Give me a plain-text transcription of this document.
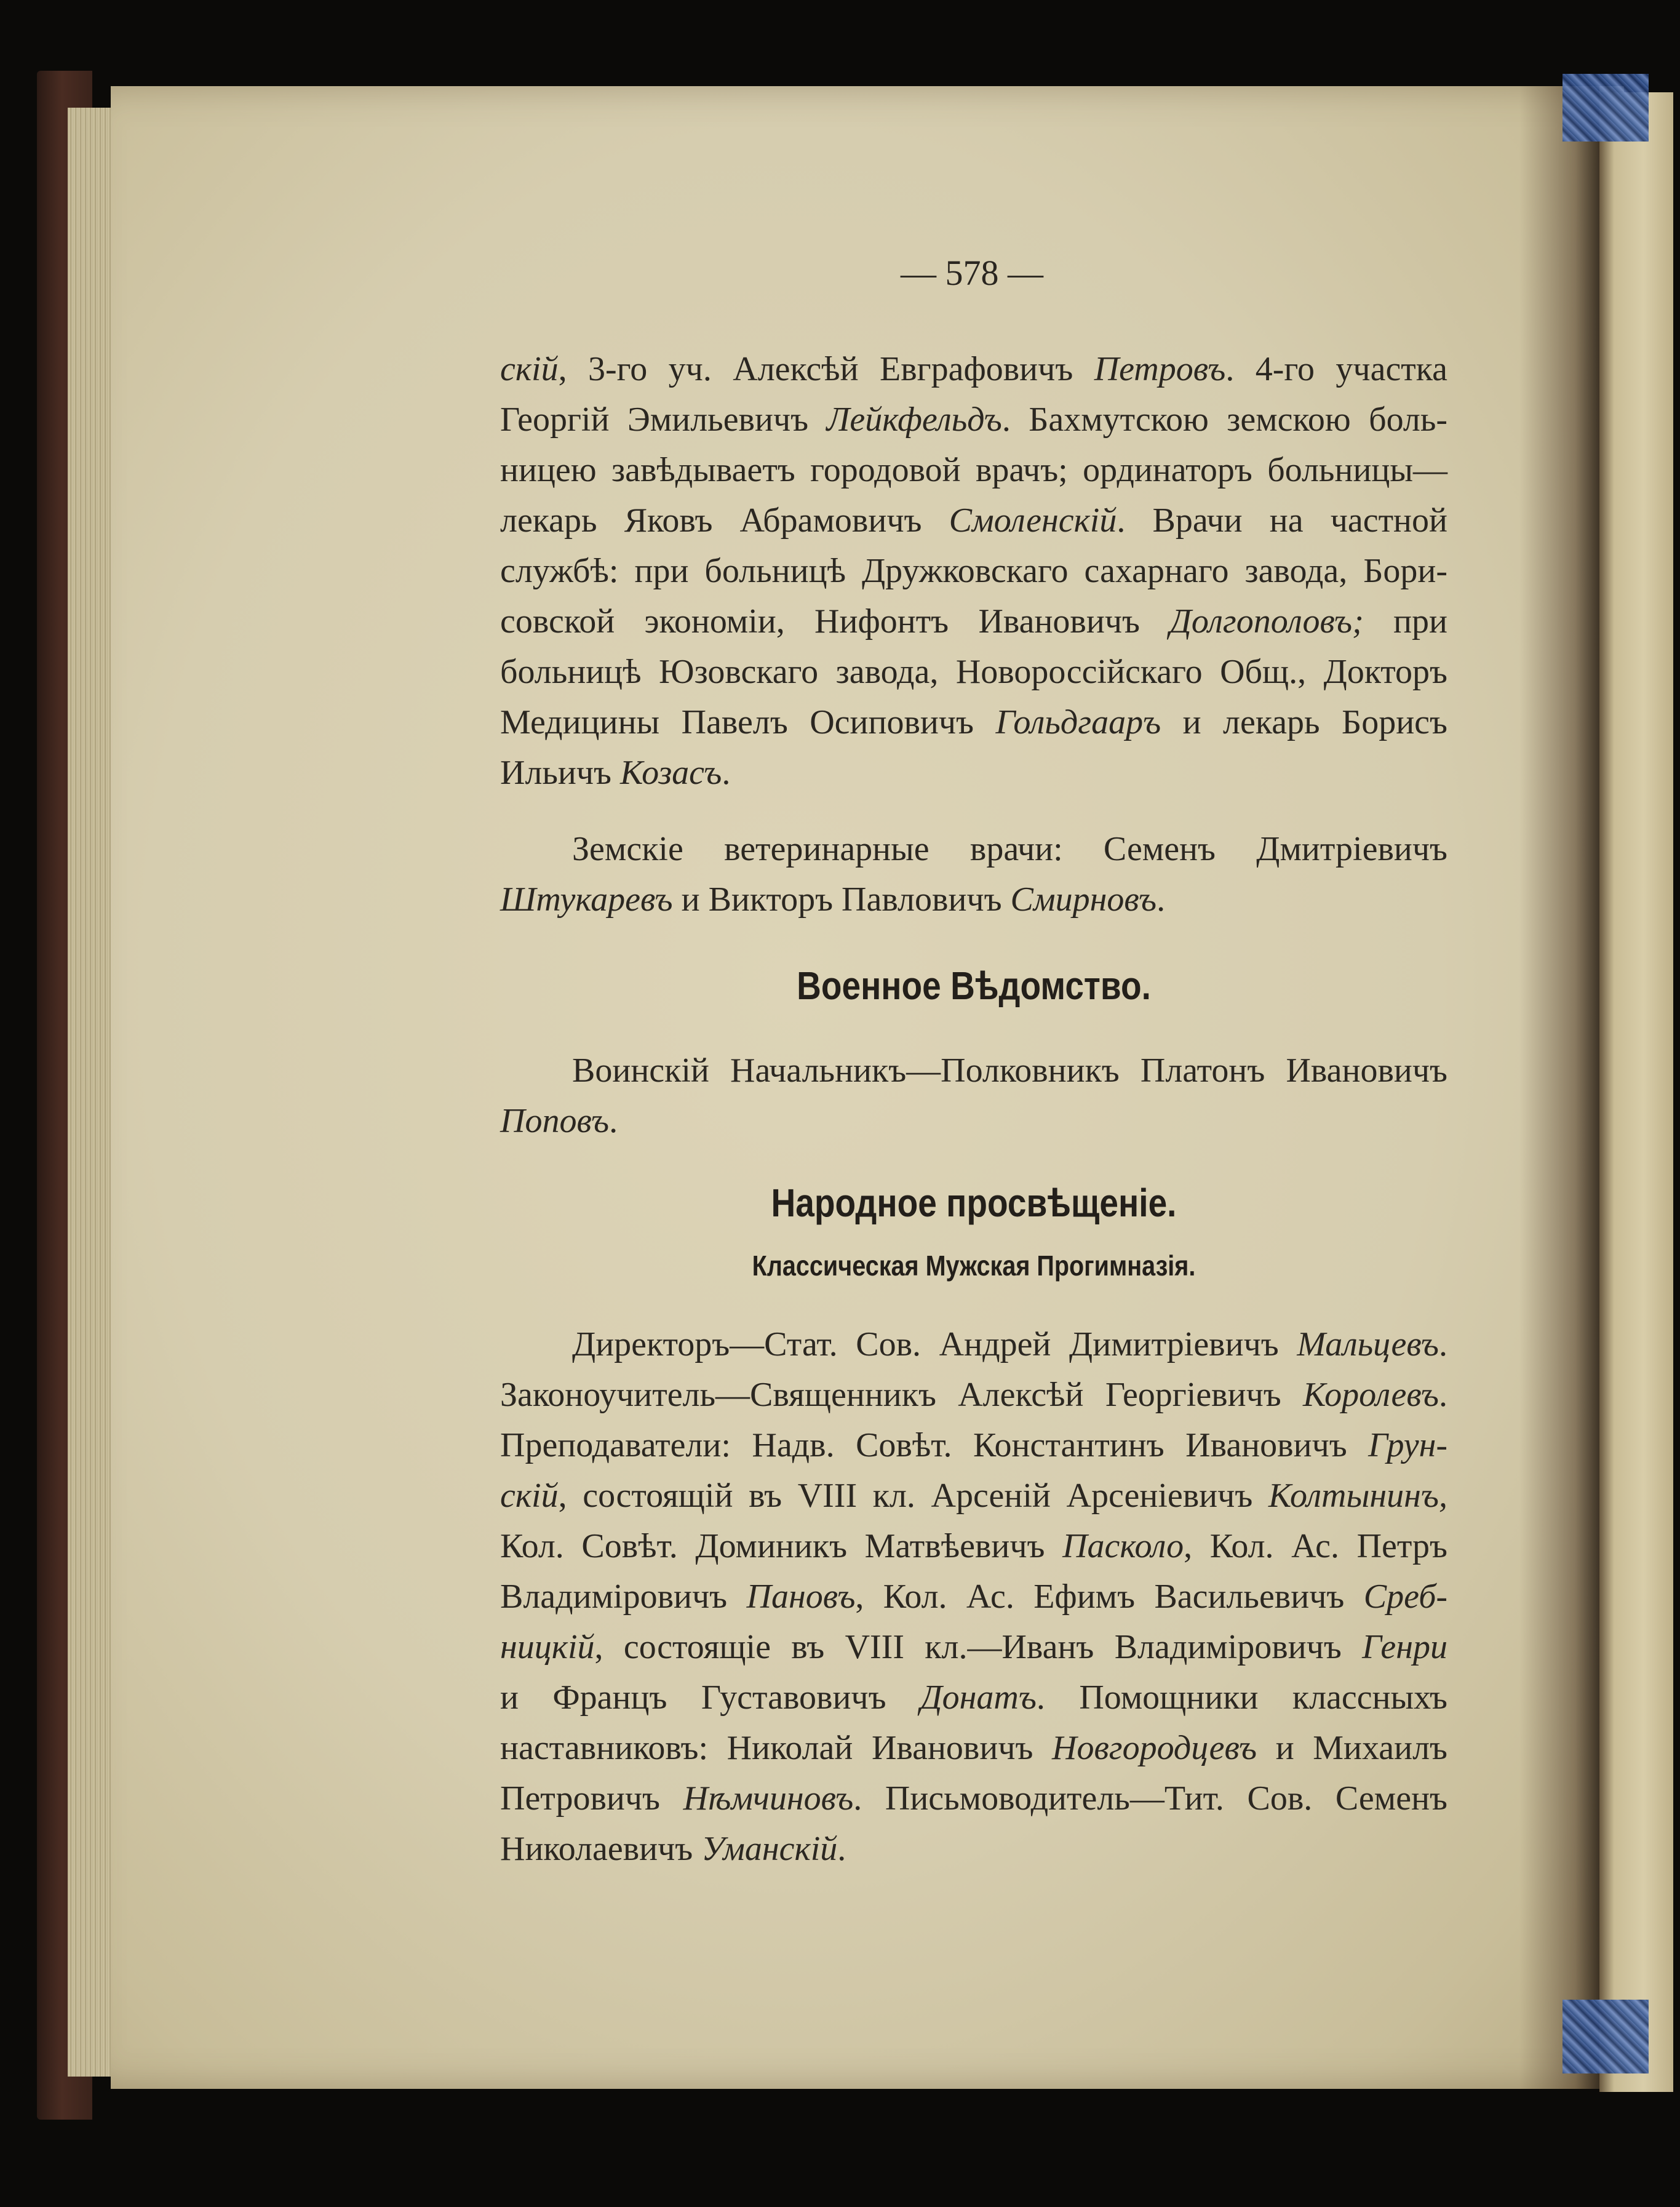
— 578 —
скій, 3-го уч. Алексѣй Евграфовичъ Петровъ. 4-го участка
Георгій Эмильевичъ Лейкфельдъ. Бахмутскою земскою боль-
ницею завѣдываетъ городовой врачъ; ординаторъ больницы—
лекарь Яковъ Абрамовичъ Смоленскій. Врачи на частной
службѣ: при больницѣ Дружковскаго сахарнаго завода, Бори-
совской экономіи, Нифонтъ Ивановичъ Долгополовъ; при
больницѣ Юзовскаго завода, Новороссійскаго Общ., Докторъ
Медицины Павелъ Осиповичъ Гольдгааръ и лекарь Борисъ
Ильичъ Козасъ.
Земскіе ветеринарные врачи: Семенъ Дмитріевичъ
Штукаревъ и Викторъ Павловичъ Смирновъ.
Военное Вѣдомство.
Воинскій Начальникъ—Полковникъ Платонъ Ивановичъ
Поповъ.
Народное просвѣщеніе.
Классическая Мужская Прогимназія.
Директоръ—Стат. Сов. Андрей Димитріевичъ Мальцевъ.
Законоучитель—Священникъ Алексѣй Георгіевичъ Королевъ.
Преподаватели: Надв. Совѣт. Константинъ Ивановичъ Грун-
скій, состоящій въ VIII кл. Арсеній Арсеніевичъ Колтынинъ,
Кол. Совѣт. Доминикъ Матвѣевичъ Пасколо, Кол. Ас. Петръ
Владиміровичъ Пановъ, Кол. Ас. Ефимъ Васильевичъ Среб-
ницкій, состоящіе въ VIII кл.—Иванъ Владиміровичъ Генри
и Францъ Густавовичъ Донатъ. Помощники классныхъ
наставниковъ: Николай Ивановичъ Новгородцевъ и Михаилъ
Петровичъ Нѣмчиновъ. Письмоводитель—Тит. Сов. Семенъ
Николаевичъ Уманскій.
